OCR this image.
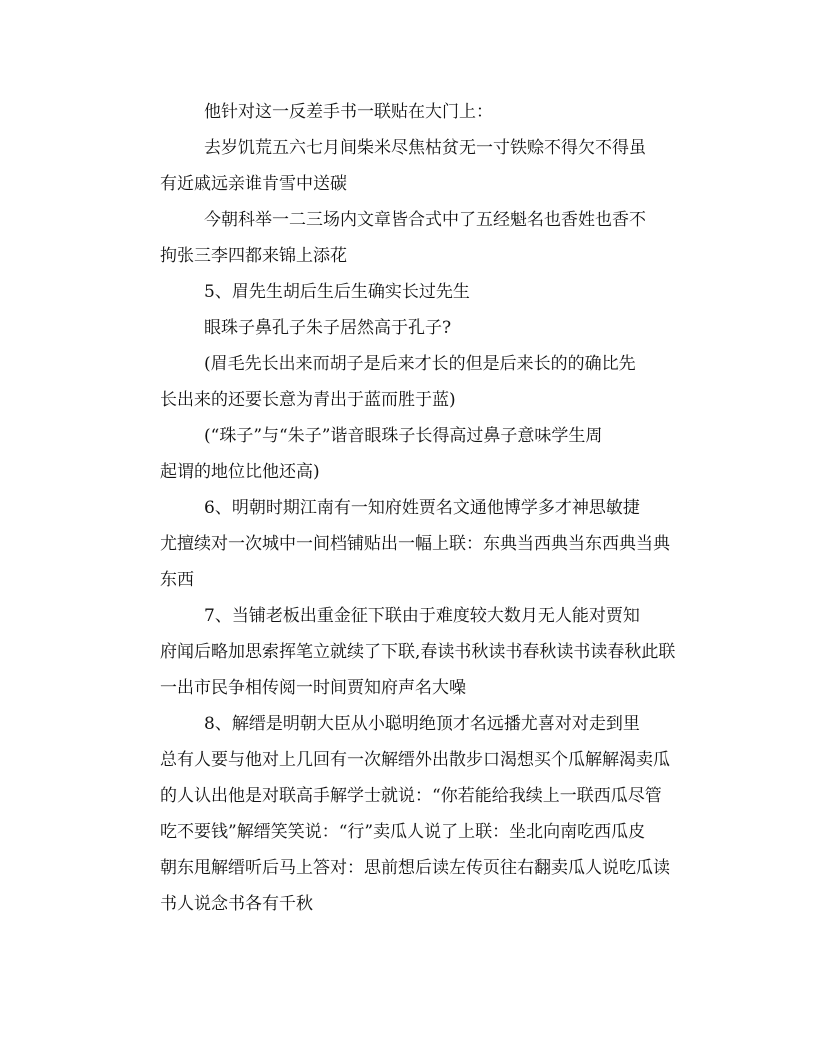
他针对这一反差手书一联贴在大门上：

去岁饥荒五六七月间柴米尽焦枯贫无一寸铁赊不得欠不得虽
有近戚远亲谁肯雪中送碳

今朝科举一二三场内文章皆合式中了五经魁名也香姓也香不
拘张三李四都来锦上添花

5、眉先生胡后生后生确实长过先生

眼珠子鼻孔子朱子居然高于孔子?

(眉毛先长出来而胡子是后来才长的但是后来长的的确比先
长出来的还要长意为青出于蓝而胜于蓝)

(“珠子”与“朱子”谐音眼珠子长得高过鼻子意味学生周
起谓的地位比他还高)

6、明朝时期江南有一知府姓贾名文通他博学多才神思敏捷
尤擅续对一次城中一间档铺贴出一幅上联：东典当西典当东西典当典
东西

7、当铺老板出重金征下联由于难度较大数月无人能对贾知
府闻后略加思索挥笔立就续了下联,春读书秋读书春秋读书读春秋此联
一出市民争相传阅一时间贾知府声名大噪

8、解缙是明朝大臣从小聪明绝顶才名远播尤喜对对走到里
总有人要与他对上几回有一次解缙外出散步口渴想买个瓜解解渴卖瓜
的人认出他是对联高手解学士就说：“你若能给我续上一联西瓜尽管
吃不要钱”解缙笑笑说：“行”卖瓜人说了上联：坐北向南吃西瓜皮
朝东甩解缙听后马上答对：思前想后读左传页往右翻卖瓜人说吃瓜读
书人说念书各有千秋
